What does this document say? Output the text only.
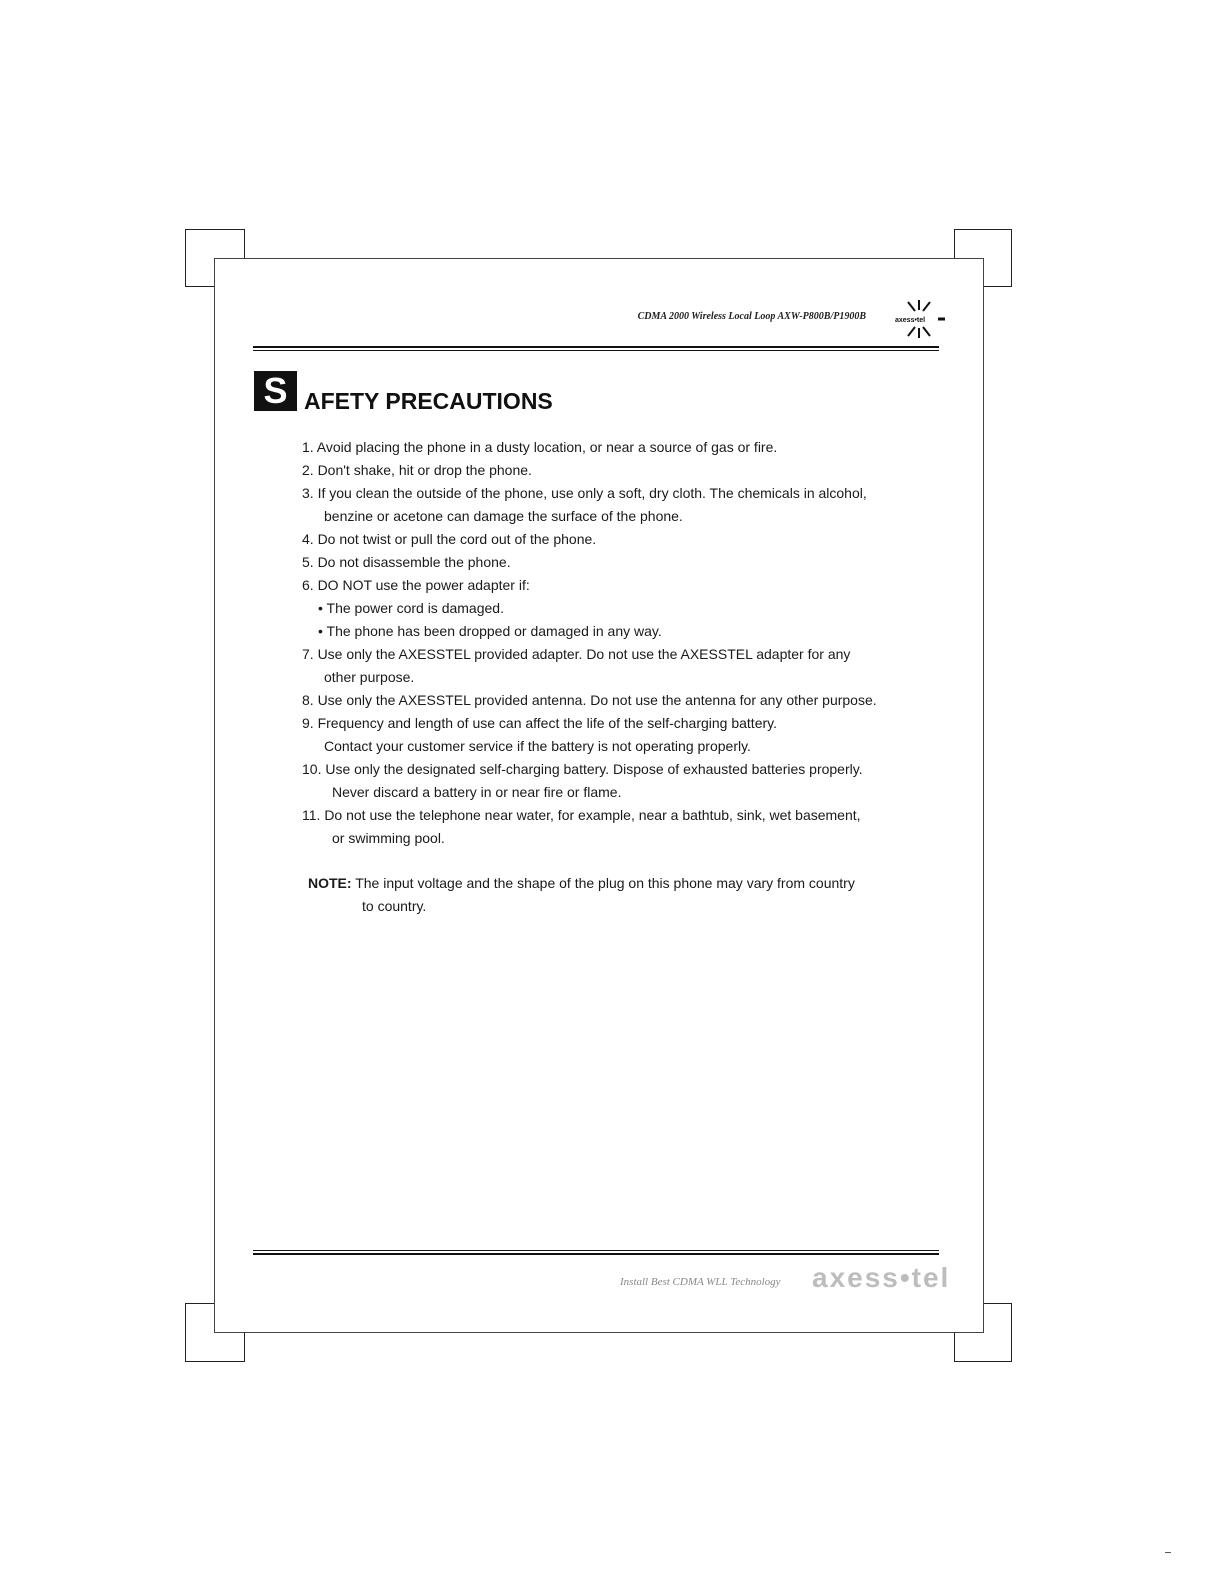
CDMA 2000 Wireless Local Loop AXW-P800B/P1900B	axess•tel
S AFETY PRECAUTIONS
1. Avoid placing the phone in a dusty location, or near a source of gas or fire.
2. Don't shake, hit or drop the phone.
3. If you clean the outside of the phone, use only a soft, dry cloth. The chemicals in alcohol,
benzine or acetone can damage the surface of the phone.
4. Do not twist or pull the cord out of the phone.
5. Do not disassemble the phone.
6. DO NOT use the power adapter if:
• The power cord is damaged.
• The phone has been dropped or damaged in any way.
7. Use only the AXESSTEL provided adapter. Do not use the AXESSTEL adapter for any
other purpose.
8. Use only the AXESSTEL provided antenna. Do not use the antenna for any other purpose.
9. Frequency and length of use can affect the life of the self-charging battery.
Contact your customer service if the battery is not operating properly.
10. Use only the designated self-charging battery. Dispose of exhausted batteries properly.
Never discard a battery in or near fire or flame.
11. Do not use the telephone near water, for example, near a bathtub, sink, wet basement,
or swimming pool.
NOTE: The input voltage and the shape of the plug on this phone may vary from country
to country.
Install Best CDMA WLL Technology axess•tel
